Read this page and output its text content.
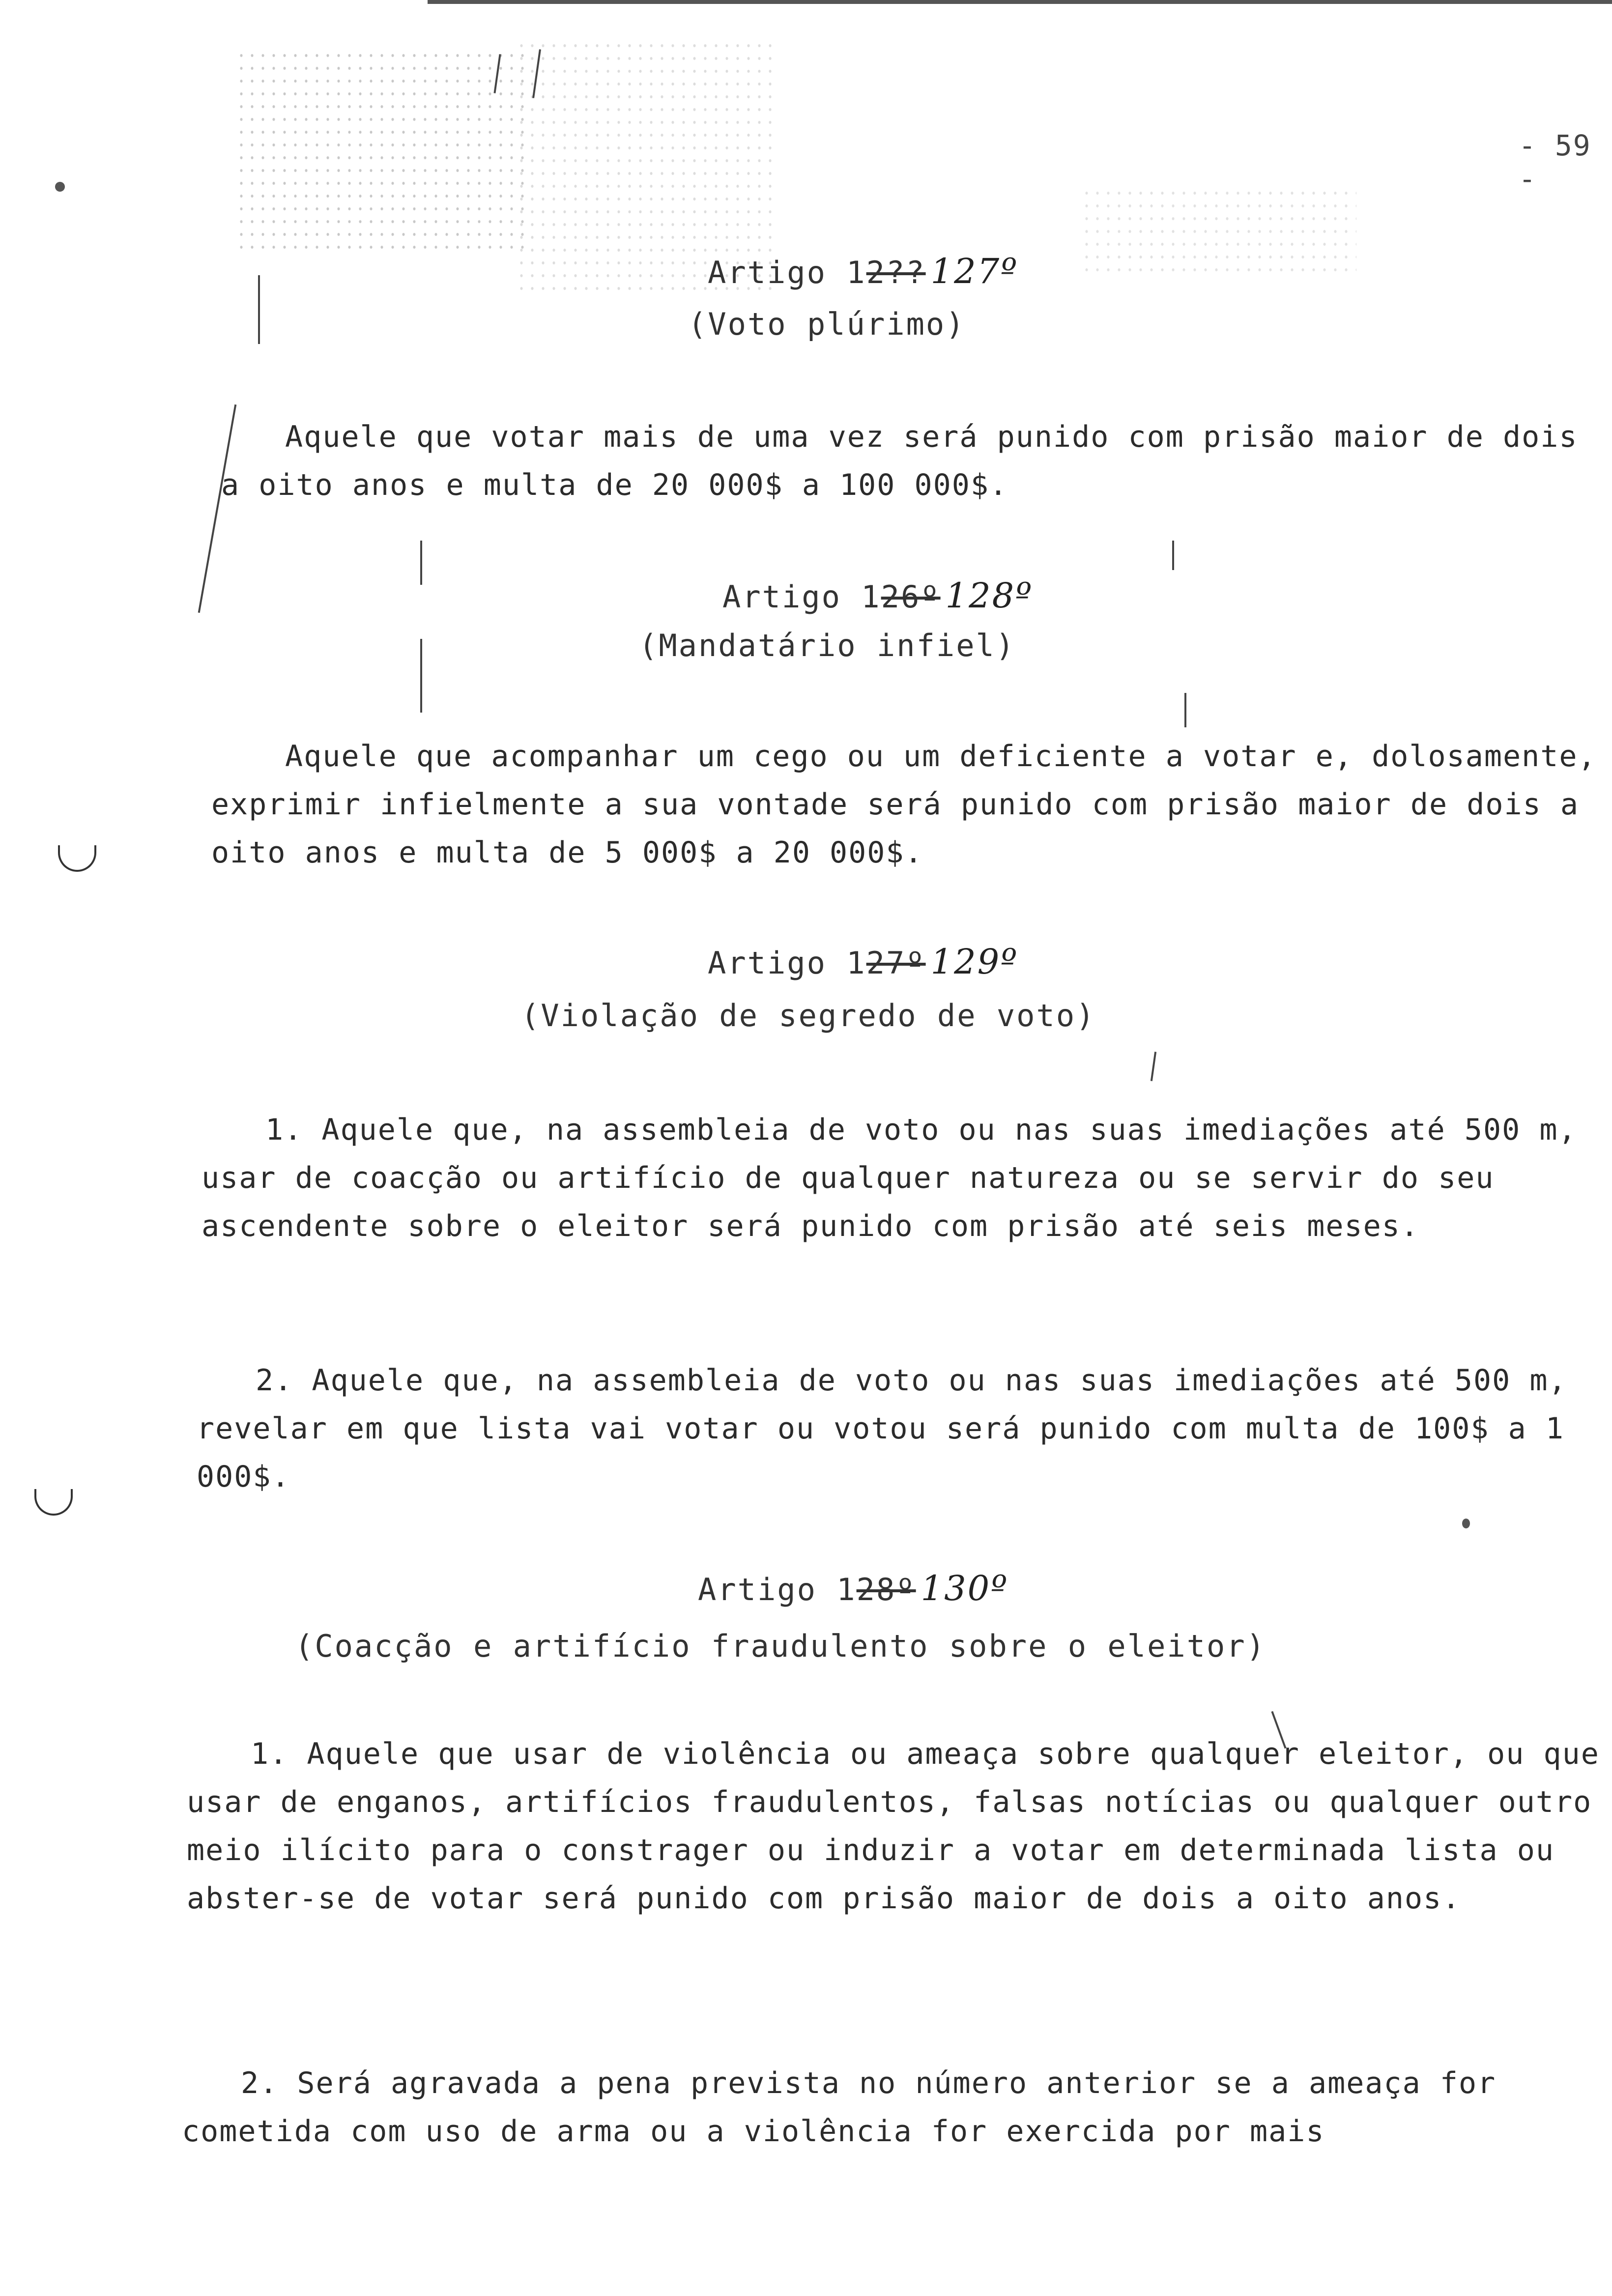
- 59 -
Artigo 12?? 127º
(Voto plúrimo)
Aquele que votar mais de uma vez será punido com prisão maior de dois a oito anos e multa de 20 000$ a 100 000$.
Artigo 126º 128º
(Mandatário infiel)
Aquele que acompanhar um cego ou um deficiente a votar e, dolosamente, exprimir infielmente a sua vontade será punido com prisão maior de dois a oito anos e multa de 5 000$ a 20 000$.
Artigo 127º 129º
(Violação de segredo de voto)
1. Aquele que, na assembleia de voto ou nas suas imediações até 500 m, usar de coacção ou artifício de qualquer natureza ou se servir do seu ascendente sobre o eleitor será punido com prisão até seis meses.
2. Aquele que, na assembleia de voto ou nas suas imediações até 500 m, revelar em que lista vai votar ou votou será punido com multa de 100$ a 1 000$.
Artigo 128º 130º
(Coacção e artifício fraudulento sobre o eleitor)
1. Aquele que usar de violência ou ameaça sobre qualquer eleitor, ou que usar de enganos, artifícios fraudulentos, falsas notícias ou qualquer outro meio ilícito para o constrager ou induzir a votar em determinada lista ou abster-se de votar será punido com prisão maior de dois a oito anos.
2. Será agravada a pena prevista no número anterior se a ameaça for cometida com uso de arma ou a violência for exercida por mais
